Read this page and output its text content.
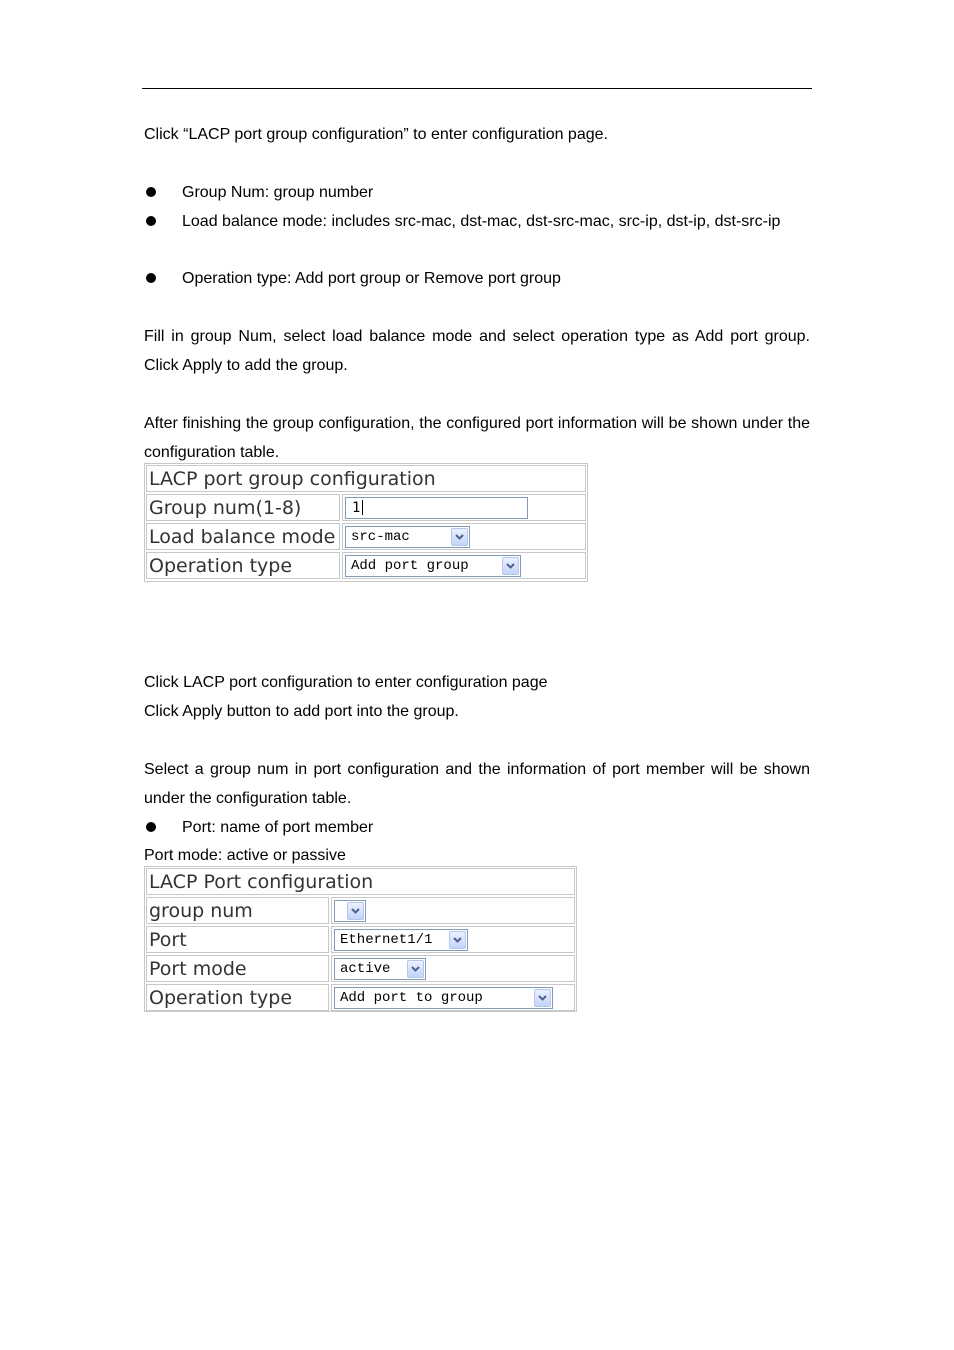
Click “LACP port group configuration” to enter configuration page.

Group Num: group number
Load balance mode: includes src-mac, dst-mac, dst-src-mac, src-ip, dst-ip, dst-src-ip
Operation type: Add port group or Remove port group

Fill in group Num, select load balance mode and select operation type as Add port group. Click Apply to add the group.

After finishing the group configuration, the configured port information will be shown under the configuration table.

LACP port group configuration
Group num(1-8)	1
Load balance mode	src-mac
Operation type	Add port group

Click LACP port configuration to enter configuration page

Click Apply button to add port into the group.

Select a group num in port configuration and the information of port member will be shown under the configuration table.

Port: name of port member

Port mode: active or passive

LACP Port configuration
group num
Port	Ethernet1/1
Port mode	active
Operation type	Add port to group
